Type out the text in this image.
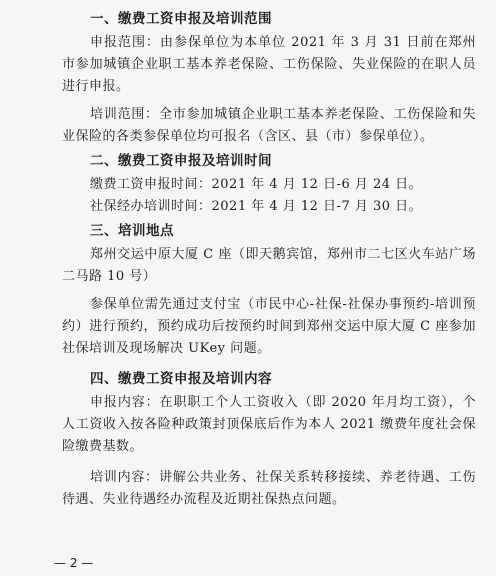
一、缴费工资申报及培训范围

申报范围：由参保单位为本单位 2021 年 3 月 31 日前在郑州市参加城镇企业职工基本养老保险、工伤保险、失业保险的在职人员进行申报。

培训范围：全市参加城镇企业职工基本养老保险、工伤保险和失业保险的各类参保单位均可报名（含区、县（市）参保单位）。

二、缴费工资申报及培训时间
缴费工资申报时间：2021 年 4 月 12 日-6 月 24 日。
社保经办培训时间：2021 年 4 月 12 日-7 月 30 日。
三、培训地点

郑州交运中原大厦 C 座（即天鹅宾馆，郑州市二七区火车站广场二马路 10 号）

参保单位需先通过支付宝（市民中心-社保-社保办事预约-培训预约）进行预约，预约成功后按预约时间到郑州交运中原大厦 C 座参加社保培训及现场解决 UKey 问题。

四、缴费工资申报及培训内容

申报内容：在职职工个人工资收入（即 2020 年月均工资），个人工资收入按各险种政策封顶保底后作为本人 2021 缴费年度社会保险缴费基数。

培训内容：讲解公共业务、社保关系转移接续、养老待遇、工伤待遇、失业待遇经办流程及近期社保热点问题。

— 2 —
